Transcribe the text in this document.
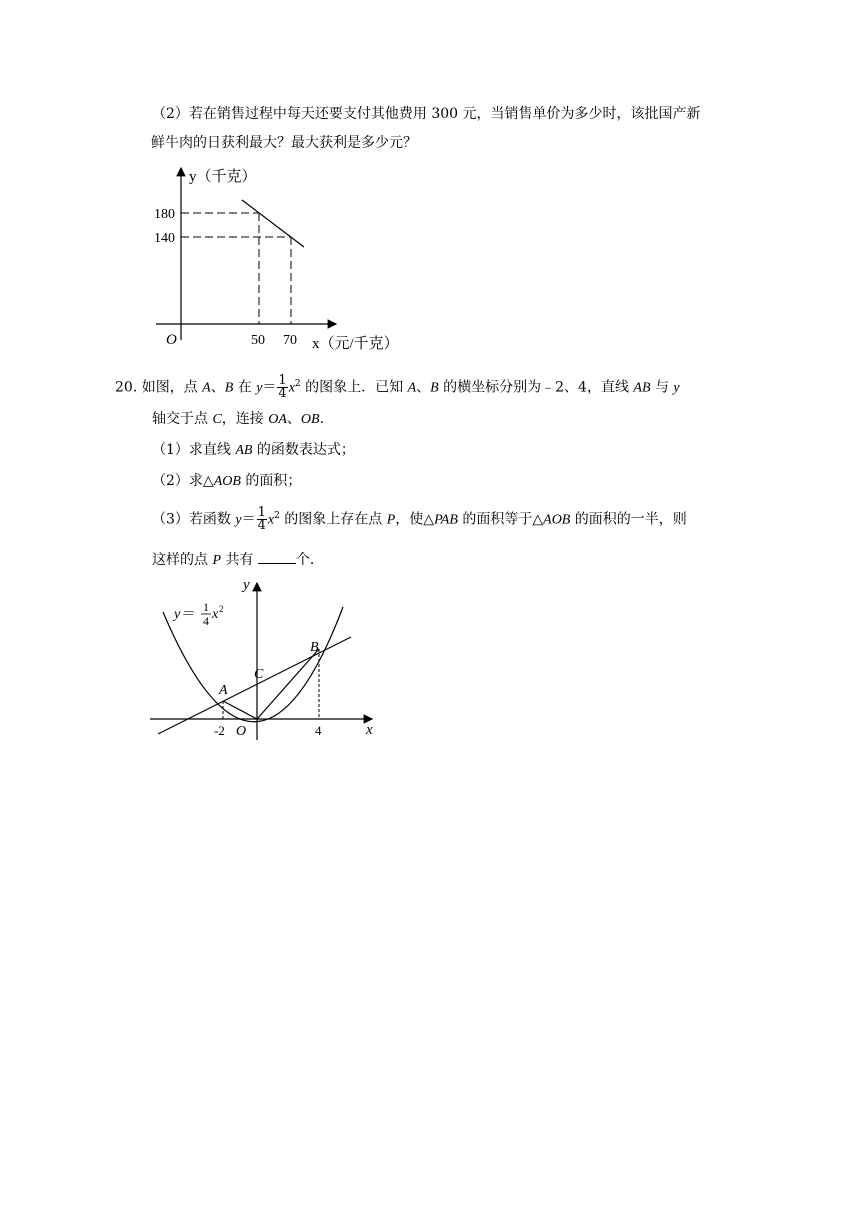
（2）若在销售过程中每天还要支付其他费用 300 元，当销售单价为多少时，该批国产新
鲜牛肉的日获利最大？最大获利是多少元？
y（千克）
180
140
O	50 70 x（元/千克）
20. 如图，点 A、B 在 $y= \frac{1}{4} x^2$ 的图象上．已知 A、B 的横坐标分别为﹣2、4，直线 AB 与 y
轴交于点 C，连接 OA、OB．
（1）求直线 AB 的函数表达式；
（2）求△AOB 的面积；
（3）若函数 $y= \frac{1}{4} x^2$ 的图象上存在点 P，使△PAB 的面积等于△AOB 的面积的一半，则
这样的点 P 共有	个．
y＝ 1
4 x 2
y
x
A
B
C
O
-2	4
